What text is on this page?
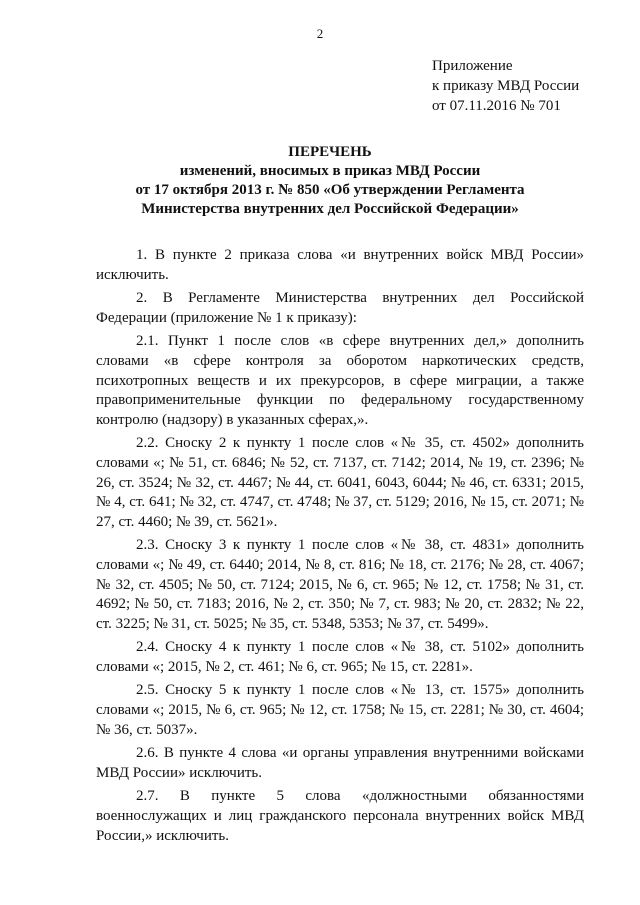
2
Приложение
к приказу МВД России
от 07.11.2016 № 701
ПЕРЕЧЕНЬ
изменений, вносимых в приказ МВД России
от 17 октября 2013 г. № 850 «Об утверждении Регламента
Министерства внутренних дел Российской Федерации»

1. В пункте 2 приказа слова «и внутренних войск МВД России» исключить.

2. В Регламенте Министерства внутренних дел Российской Федерации (приложение № 1 к приказу):

2.1. Пункт 1 после слов «в сфере внутренних дел,» дополнить словами «в сфере контроля за оборотом наркотических средств, психотропных веществ и их прекурсоров, в сфере миграции, а также правоприменительные функции по федеральному государственному контролю (надзору) в указанных сферах,».

2.2. Сноску 2 к пункту 1 после слов «№ 35, ст. 4502» дополнить словами «; № 51, ст. 6846; № 52, ст. 7137, ст. 7142; 2014, № 19, ст. 2396; № 26, ст. 3524; № 32, ст. 4467; № 44, ст. 6041, 6043, 6044; № 46, ст. 6331; 2015, № 4, ст. 641; № 32, ст. 4747, ст. 4748; № 37, ст. 5129; 2016, № 15, ст. 2071; № 27, ст. 4460; № 39, ст. 5621».

2.3. Сноску 3 к пункту 1 после слов «№ 38, ст. 4831» дополнить словами «; № 49, ст. 6440; 2014, № 8, ст. 816; № 18, ст. 2176; № 28, ст. 4067; № 32, ст. 4505; № 50, ст. 7124; 2015, № 6, ст. 965; № 12, ст. 1758; № 31, ст. 4692; № 50, ст. 7183; 2016, № 2, ст. 350; № 7, ст. 983; № 20, ст. 2832; № 22, ст. 3225; № 31, ст. 5025; № 35, ст. 5348, 5353; № 37, ст. 5499».

2.4. Сноску 4 к пункту 1 после слов «№ 38, ст. 5102» дополнить словами «; 2015, № 2, ст. 461; № 6, ст. 965; № 15, ст. 2281».

2.5. Сноску 5 к пункту 1 после слов «№ 13, ст. 1575» дополнить словами «; 2015, № 6, ст. 965; № 12, ст. 1758; № 15, ст. 2281; № 30, ст. 4604; № 36, ст. 5037».

2.6. В пункте 4 слова «и органы управления внутренними войсками МВД России» исключить.

2.7. В пункте 5 слова «должностными обязанностями военнослужащих и лиц гражданского персонала внутренних войск МВД России,» исключить.
